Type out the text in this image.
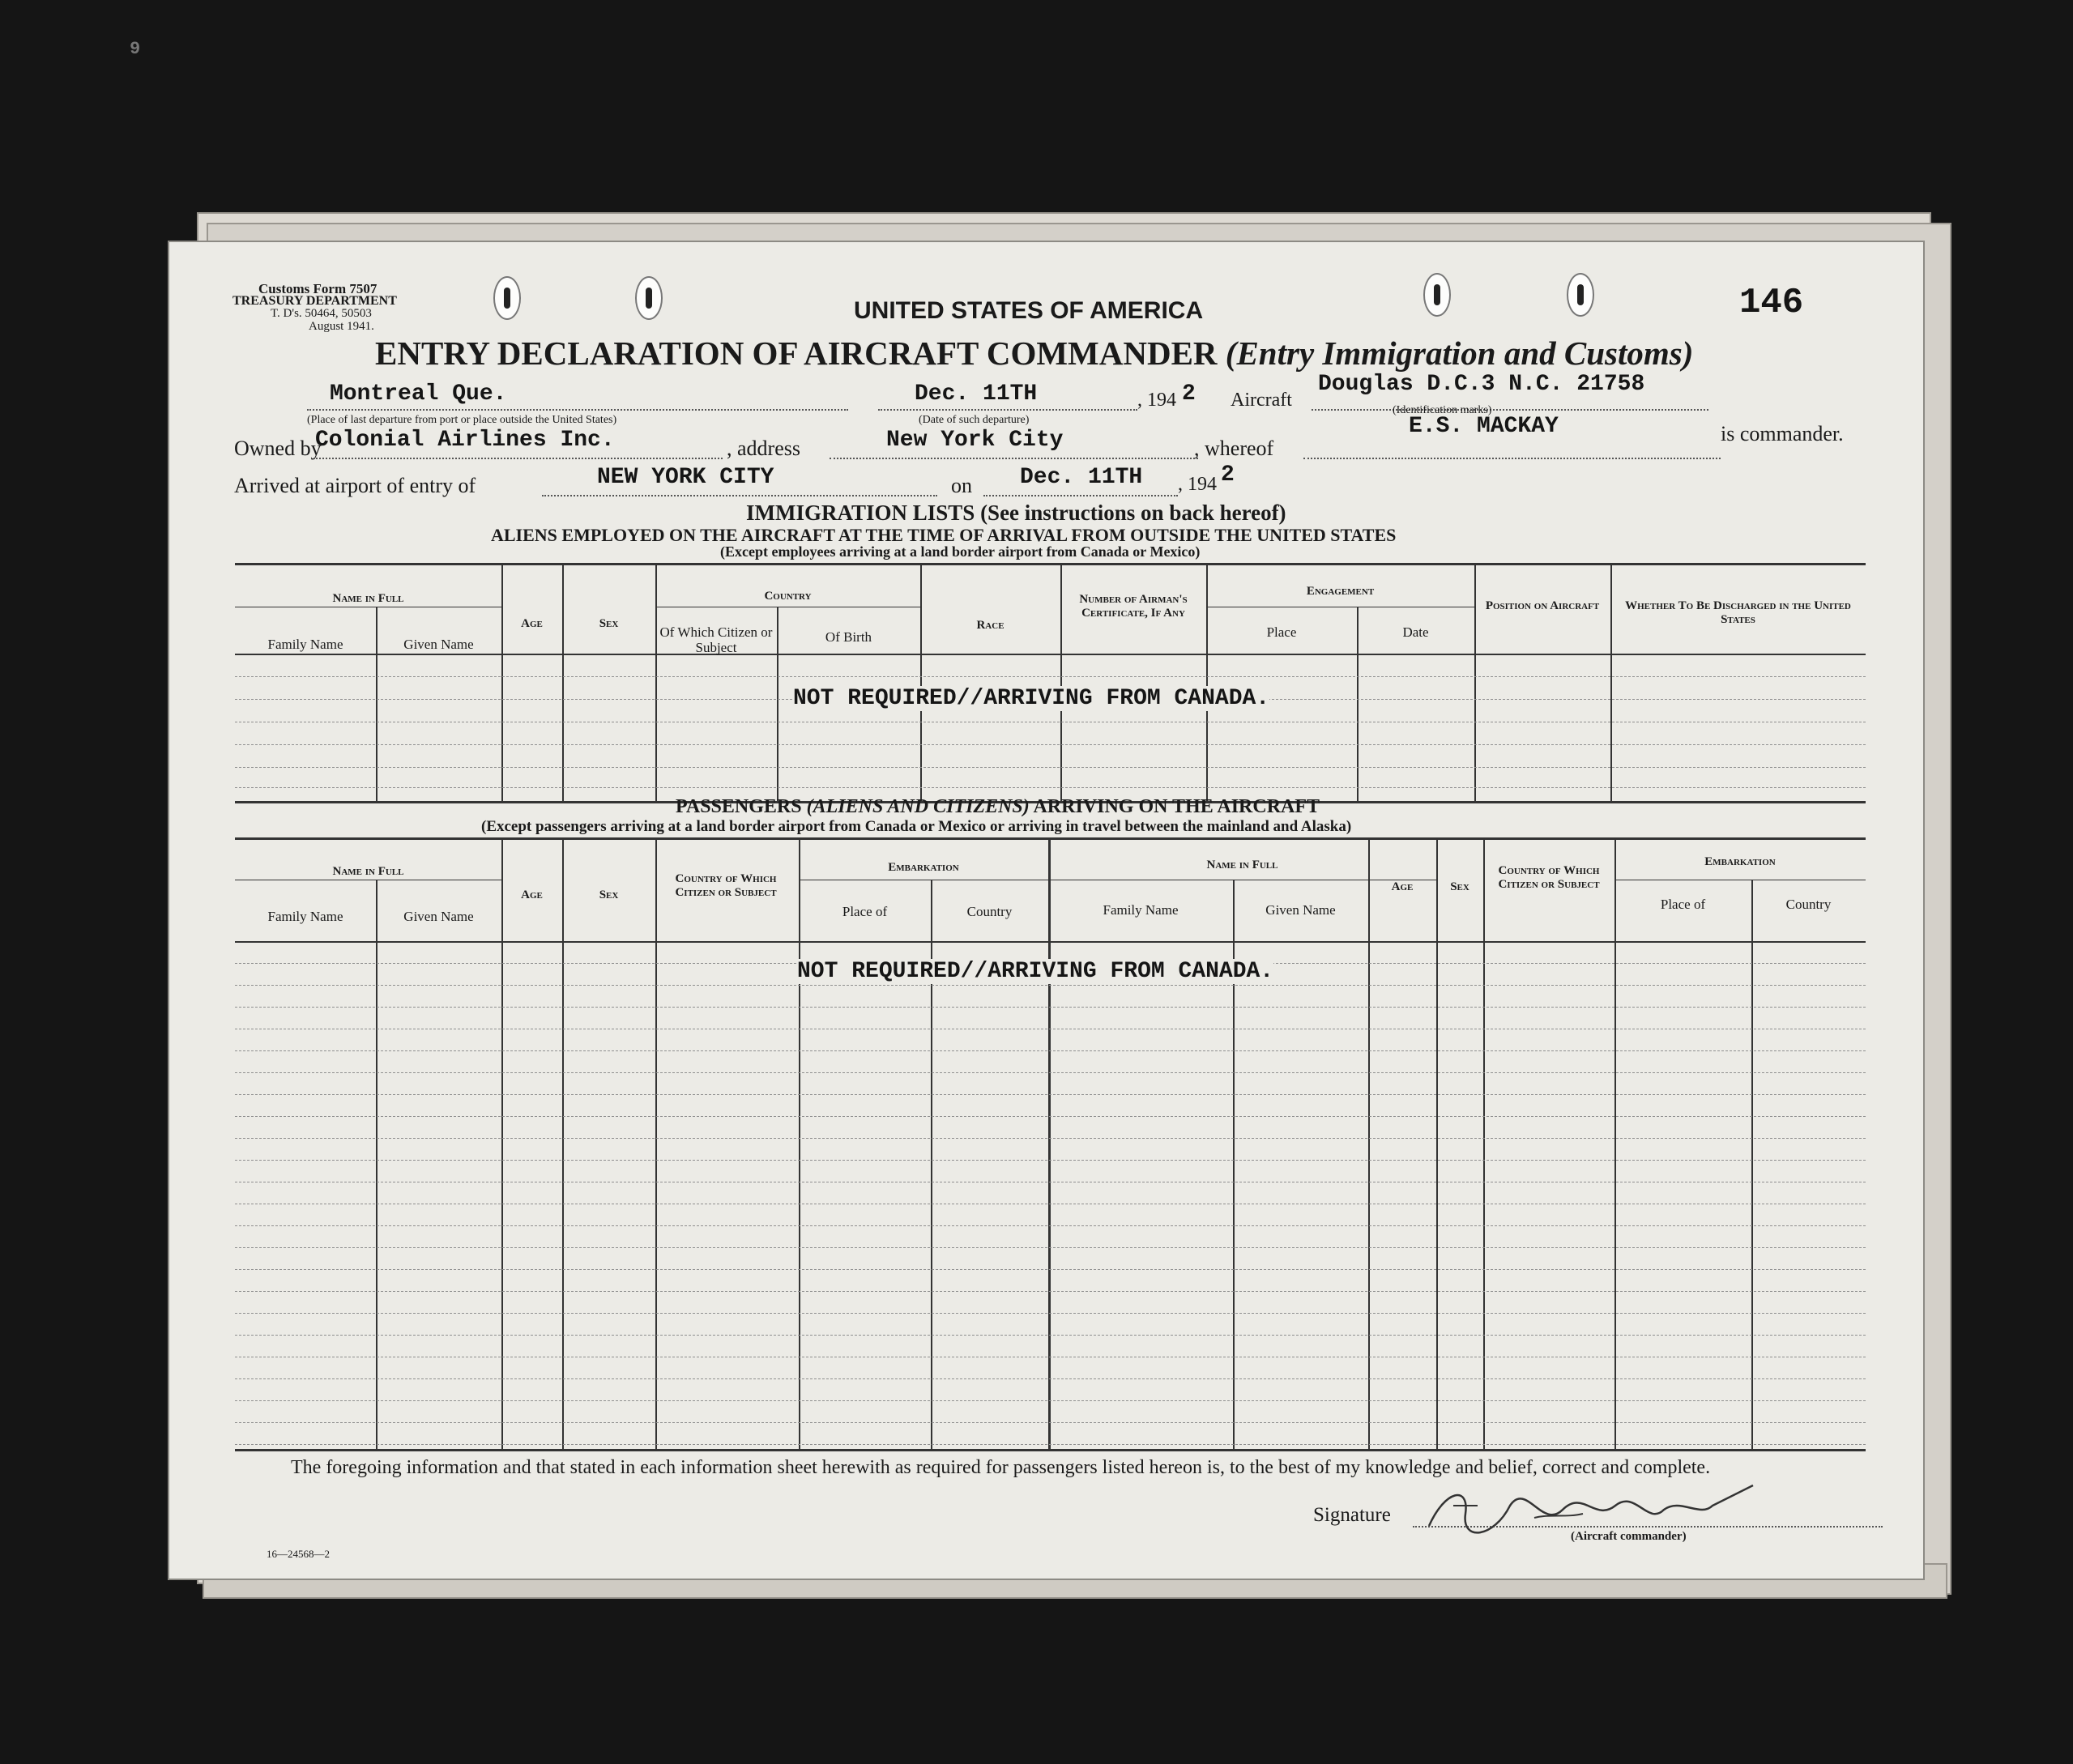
9
Customs Form 7507
TREASURY DEPARTMENT
T. D's. 50464, 50503
August 1941.
146
UNITED STATES OF AMERICA
ENTRY DECLARATION OF AIRCRAFT COMMANDER (Entry Immigration and Customs)
Montreal Que.
(Place of last departure from port or place outside the United States)
Dec. 11TH
(Date of such departure)
, 194 2 Aircraft
Douglas D.C.3 N.C. 21758
(Identification marks)
Owned by
Colonial Airlines Inc.	, address	New York City	, whereof
E.S. MACKAY	is commander.
Arrived at airport of entry of	NEW YORK CITY	on Dec. 11TH , 194 2
IMMIGRATION LISTS (See instructions on back hereof)
ALIENS EMPLOYED ON THE AIRCRAFT AT THE TIME OF ARRIVAL FROM OUTSIDE THE UNITED STATES
(Except employees arriving at a land border airport from Canada or Mexico)
Name in Full
Family Name	Given Name
Age	Sex
Country
Of Which Citizen or Subject
Of Birth
Race
Number of Airman's Certificate, If Any
Engagement
Place	Date
Position on Aircraft	Whether To Be Discharged in the United States
NOT REQUIRED//ARRIVING FROM CANADA.
PASSENGERS (ALIENS AND CITIZENS) ARRIVING ON THE AIRCRAFT
(Except passengers arriving at a land border airport from Canada or Mexico or arriving in travel between the mainland and Alaska)
Name in Full
Family Name	Given Name
Age	Sex
Country of Which Citizen or Subject
Embarkation
Place of	Country
Name in Full
Family Name	Given Name
Age	Sex
Country of Which Citizen or Subject
Embarkation
Place of	Country
NOT REQUIRED//ARRIVING FROM CANADA.
The foregoing information and that stated in each information sheet herewith as required for passengers listed hereon is, to the best of my knowledge and belief, correct and complete.
Signature
(Aircraft commander)
16—24568—2
